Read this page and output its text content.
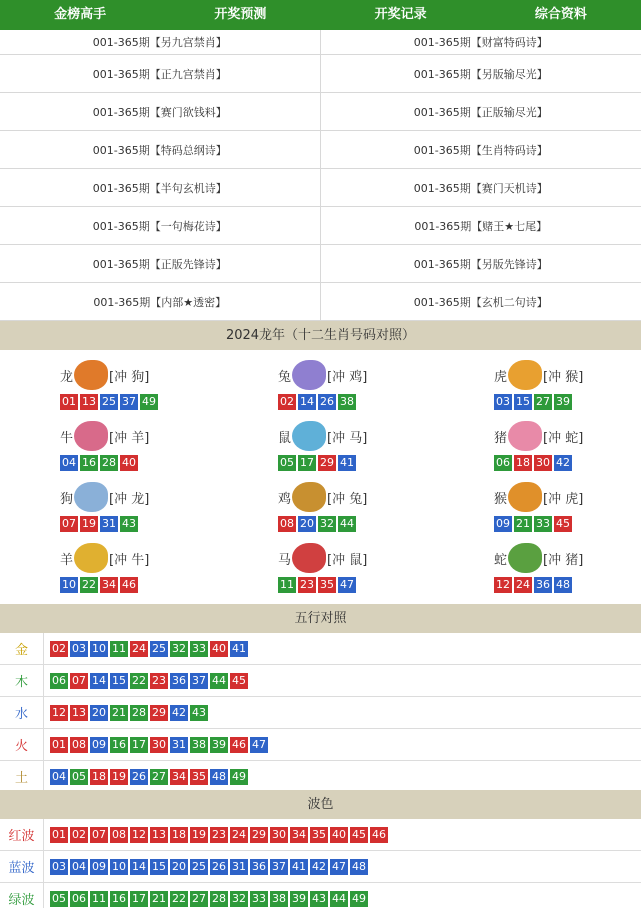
金榜高手	开奖预测	开奖记录	综合资料
001-365期【另九宫禁肖】	001-365期【财富特码诗】
001-365期【正九宫禁肖】	001-365期【另版输尽光】
001-365期【赛门欲钱料】	001-365期【正版输尽光】
001-365期【特码总纲诗】	001-365期【生肖特码诗】
001-365期【半句玄机诗】	001-365期【赛门天机诗】
001-365期【一句梅花诗】	001-365期【赌王★七尾】
001-365期【正版先锋诗】	001-365期【另版先锋诗】
001-365期【内部★透密】	001-365期【玄机二句诗】
2024龙年（十二生肖号码对照）
龙	[冲 狗]
01 13 25 37 49
兔	[冲 鸡]
02 14 26 38
虎	[冲 猴]
03 15 27 39
牛	[冲 羊]
04 16 28 40
鼠	[冲 马]
05 17 29 41
猪	[冲 蛇]
06 18 30 42
狗	[冲 龙]
07 19 31 43
鸡	[冲 兔]
08 20 32 44
猴	[冲 虎]
09 21 33 45
羊	[冲 牛]
10 22 34 46
马	[冲 鼠]
11 23 35 47
蛇	[冲 猪]
12 24 36 48
五行对照
金	02 03 10 11 24 25 32 33 40 41
木	06 07 14 15 22 23 36 37 44 45
水	12 13 20 21 28 29 42 43
火	01 08 09 16 17 30 31 38 39 46 47
土	04 05 18 19 26 27 34 35 48 49
波色
红波	01 02 07 08 12 13 18 19 23 24 29 30 34 35 40 45 46
蓝波	03 04 09 10 14 15 20 25 26 31 36 37 41 42 47 48
绿波	05 06 11 16 17 21 22 27 28 32 33 38 39 43 44 49
